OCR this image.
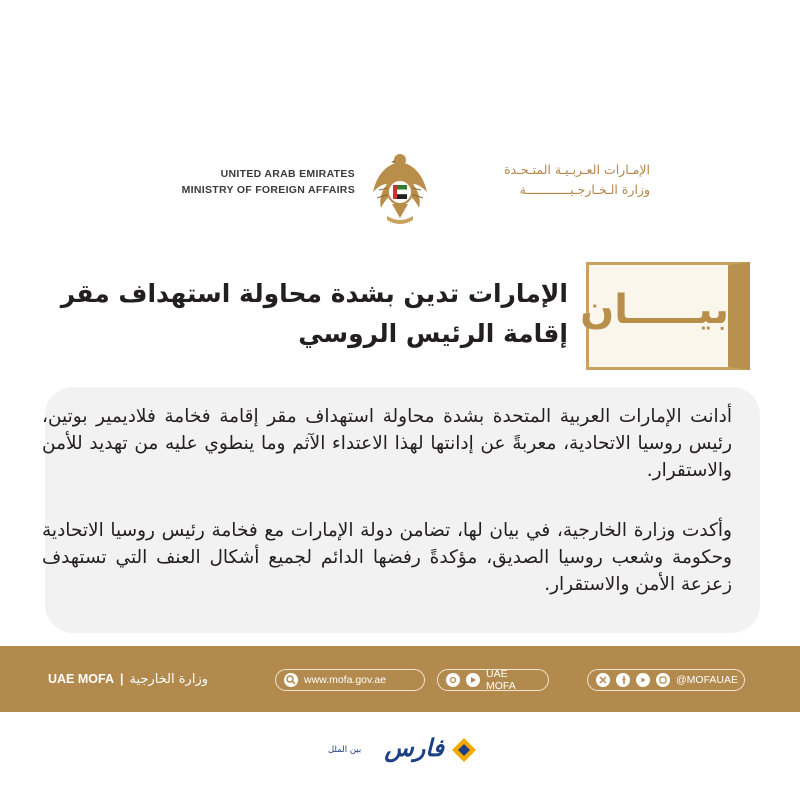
UNITED ARAB EMIRATES
MINISTRY OF FOREIGN AFFAIRS
الإمـارات العـربـيـة المتـحـدة
وزارة الـخـارجـيــــــــــــة
بيـــــان
الإمارات تدين بشدة محاولة استهداف مقر
إقامة الرئيس الروسي

أدانت الإمارات العربية المتحدة بشدة محاولة استهداف مقر إقامة فخامة فلاديمير بوتين، رئيس روسيا الاتحادية، معربةً عن إدانتها لهذا الاعتداء الآثم وما ينطوي عليه من تهديد للأمن والاستقرار.

وأكدت وزارة الخارجية، في بيان لها، تضامن دولة الإمارات مع فخامة رئيس روسيا الاتحادية وحكومة وشعب روسيا الصديق، مؤكدةً رفضها الدائم لجميع أشكال العنف التي تستهدف زعزعة الأمن والاستقرار.

UAE MOFA | وزارة الخارجية	www.mofa.gov.ae	UAE MOFA	@MOFAUAE
بین الملل فارس
